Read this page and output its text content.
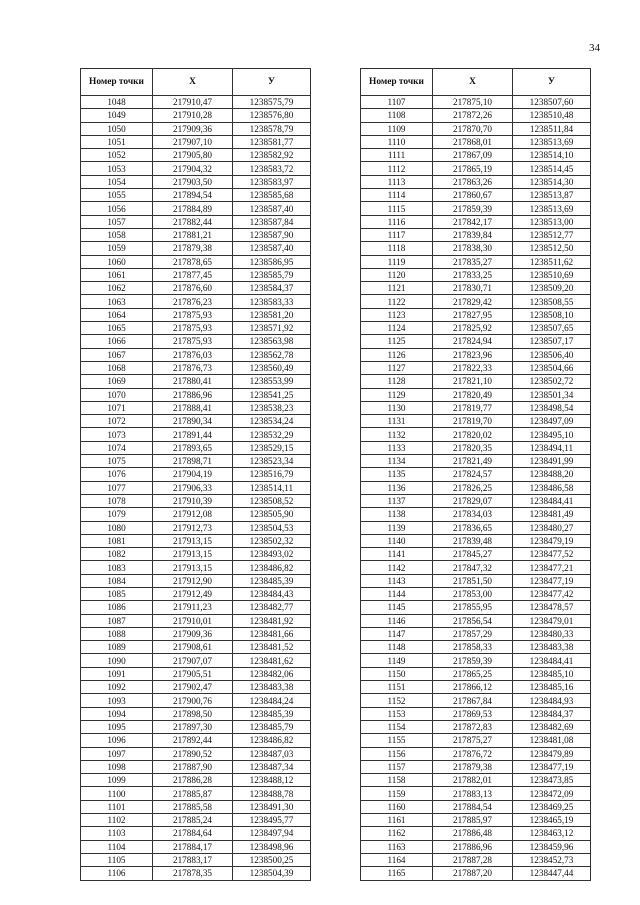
34
Номер точки	X	У
1048	217910,47	1238575,79
1049	217910,28	1238576,80
1050	217909,36	1238578,79
1051	217907,10	1238581,77
1052	217905,80	1238582,92
1053	217904,32	1238583,72
1054	217903,50	1238583,97
1055	217894,54	1238585,68
1056	217884,89	1238587,40
1057	217882,44	1238587,84
1058	217881,21	1238587,90
1059	217879,38	1238587,40
1060	217878,65	1238586,95
1061	217877,45	1238585,79
1062	217876,60	1238584,37
1063	217876,23	1238583,33
1064	217875,93	1238581,20
1065	217875,93	1238571,92
1066	217875,93	1238563,98
1067	217876,03	1238562,78
1068	217876,73	1238560,49
1069	217880,41	1238553,99
1070	217886,96	1238541,25
1071	217888,41	1238538,23
1072	217890,34	1238534,24
1073	217891,44	1238532,29
1074	217893,65	1238529,15
1075	217898,71	1238523,34
1076	217904,19	1238516,79
1077	217906,33	1238514,11
1078	217910,39	1238508,52
1079	217912,08	1238505,90
1080	217912,73	1238504,53
1081	217913,15	1238502,32
1082	217913,15	1238493,02
1083	217913,15	1238486,82
1084	217912,90	1238485,39
1085	217912,49	1238484,43
1086	217911,23	1238482,77
1087	217910,01	1238481,92
1088	217909,36	1238481,66
1089	217908,61	1238481,52
1090	217907,07	1238481,62
1091	217905,51	1238482,06
1092	217902,47	1238483,38
1093	217900,76	1238484,24
1094	217898,50	1238485,39
1095	217897,30	1238485,79
1096	217892,44	1238486,82
1097	217890,52	1238487,03
1098	217887,90	1238487,34
1099	217886,28	1238488,12
1100	217885,87	1238488,78
1101	217885,58	1238491,30
1102	217885,24	1238495,77
1103	217884,64	1238497,94
1104	217884,17	1238498,96
1105	217883,17	1238500,25
1106	217878,35	1238504,39
Номер точки	X	У
1107	217875,10	1238507,60
1108	217872,26	1238510,48
1109	217870,70	1238511,84
1110	217868,01	1238513,69
1111	217867,09	1238514,10
1112	217865,19	1238514,45
1113	217863,26	1238514,30
1114	217860,67	1238513,87
1115	217859,39	1238513,69
1116	217842,17	1238513,00
1117	217839,84	1238512,77
1118	217838,30	1238512,50
1119	217835,27	1238511,62
1120	217833,25	1238510,69
1121	217830,71	1238509,20
1122	217829,42	1238508,55
1123	217827,95	1238508,10
1124	217825,92	1238507,65
1125	217824,94	1238507,17
1126	217823,96	1238506,40
1127	217822,33	1238504,66
1128	217821,10	1238502,72
1129	217820,49	1238501,34
1130	217819,77	1238498,54
1131	217819,70	1238497,09
1132	217820,02	1238495,10
1133	217820,35	1238494,11
1134	217821,49	1238491,99
1135	217824,57	1238488,20
1136	217826,25	1238486,58
1137	217829,07	1238484,41
1138	217834,03	1238481,49
1139	217836,65	1238480,27
1140	217839,48	1238479,19
1141	217845,27	1238477,52
1142	217847,32	1238477,21
1143	217851,50	1238477,19
1144	217853,00	1238477,42
1145	217855,95	1238478,57
1146	217856,54	1238479,01
1147	217857,29	1238480,33
1148	217858,33	1238483,38
1149	217859,39	1238484,41
1150	217865,25	1238485,10
1151	217866,12	1238485,16
1152	217867,84	1238484,93
1153	217869,53	1238484,37
1154	217872,83	1238482,69
1155	217875,27	1238481,08
1156	217876,72	1238479,89
1157	217879,38	1238477,19
1158	217882,01	1238473,85
1159	217883,13	1238472,09
1160	217884,54	1238469,25
1161	217885,97	1238465,19
1162	217886,48	1238463,12
1163	217886,96	1238459,96
1164	217887,28	1238452,73
1165	217887,20	1238447,44
